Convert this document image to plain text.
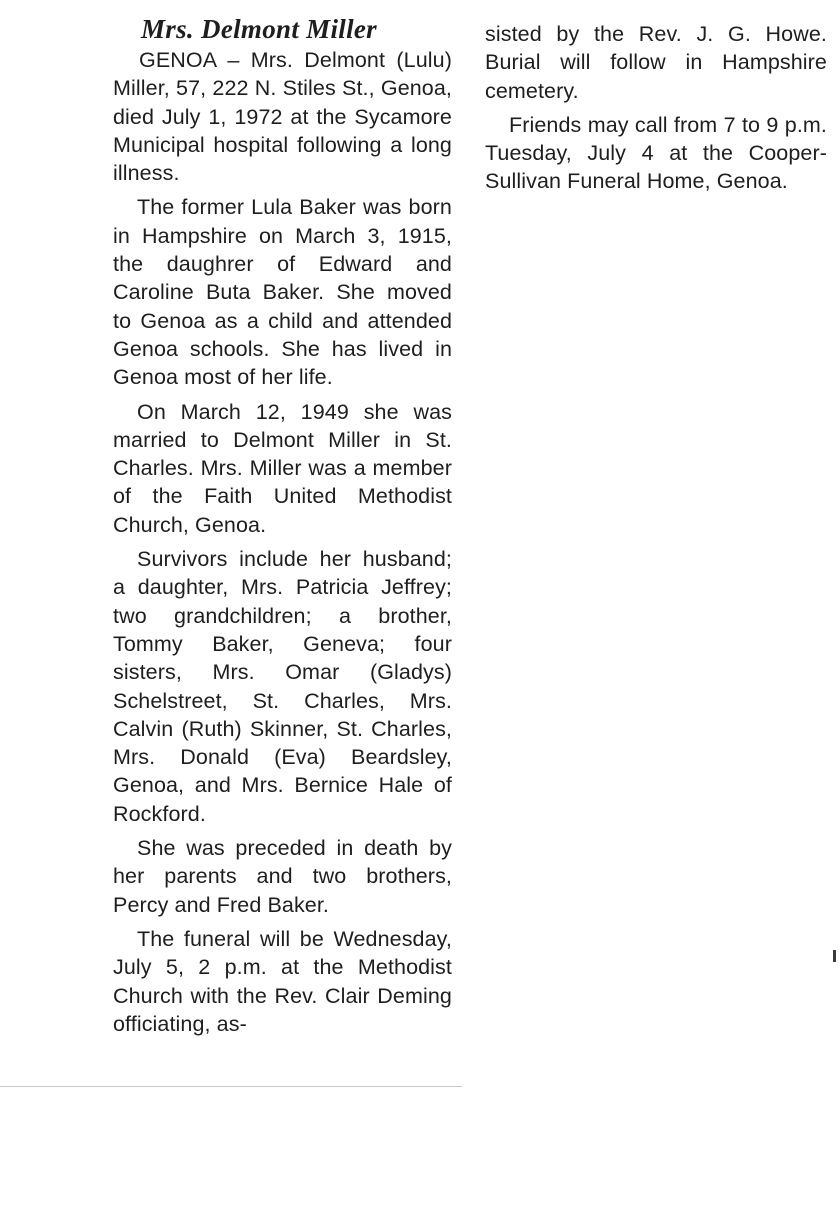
Mrs. Delmont Miller

GENOA – Mrs. Delmont (Lulu) Miller, 57, 222 N. Stiles St., Genoa, died July 1, 1972 at the Sycamore Municipal hospital following a long illness.

The former Lula Baker was born in Hampshire on March 3, 1915, the daughrer of Edward and Caroline Buta Baker. She moved to Genoa as a child and attended Genoa schools. She has lived in Genoa most of her life.

On March 12, 1949 she was married to Delmont Miller in St. Charles. Mrs. Miller was a member of the Faith United Methodist Church, Genoa.

Survivors include her husband; a daughter, Mrs. Patricia Jeffrey; two grandchildren; a brother, Tommy Baker, Geneva; four sisters, Mrs. Omar (Gladys) Schelstreet, St. Charles, Mrs. Calvin (Ruth) Skinner, St. Charles, Mrs. Donald (Eva) Beardsley, Genoa, and Mrs. Bernice Hale of Rockford.

She was preceded in death by her parents and two brothers, Percy and Fred Baker.

The funeral will be Wednesday, July 5, 2 p.m. at the Methodist Church with the Rev. Clair Deming officiating, as-

sisted by the Rev. J. G. Howe. Burial will follow in Hampshire cemetery.

Friends may call from 7 to 9 p.m. Tuesday, July 4 at the Cooper-Sullivan Funeral Home, Genoa.
